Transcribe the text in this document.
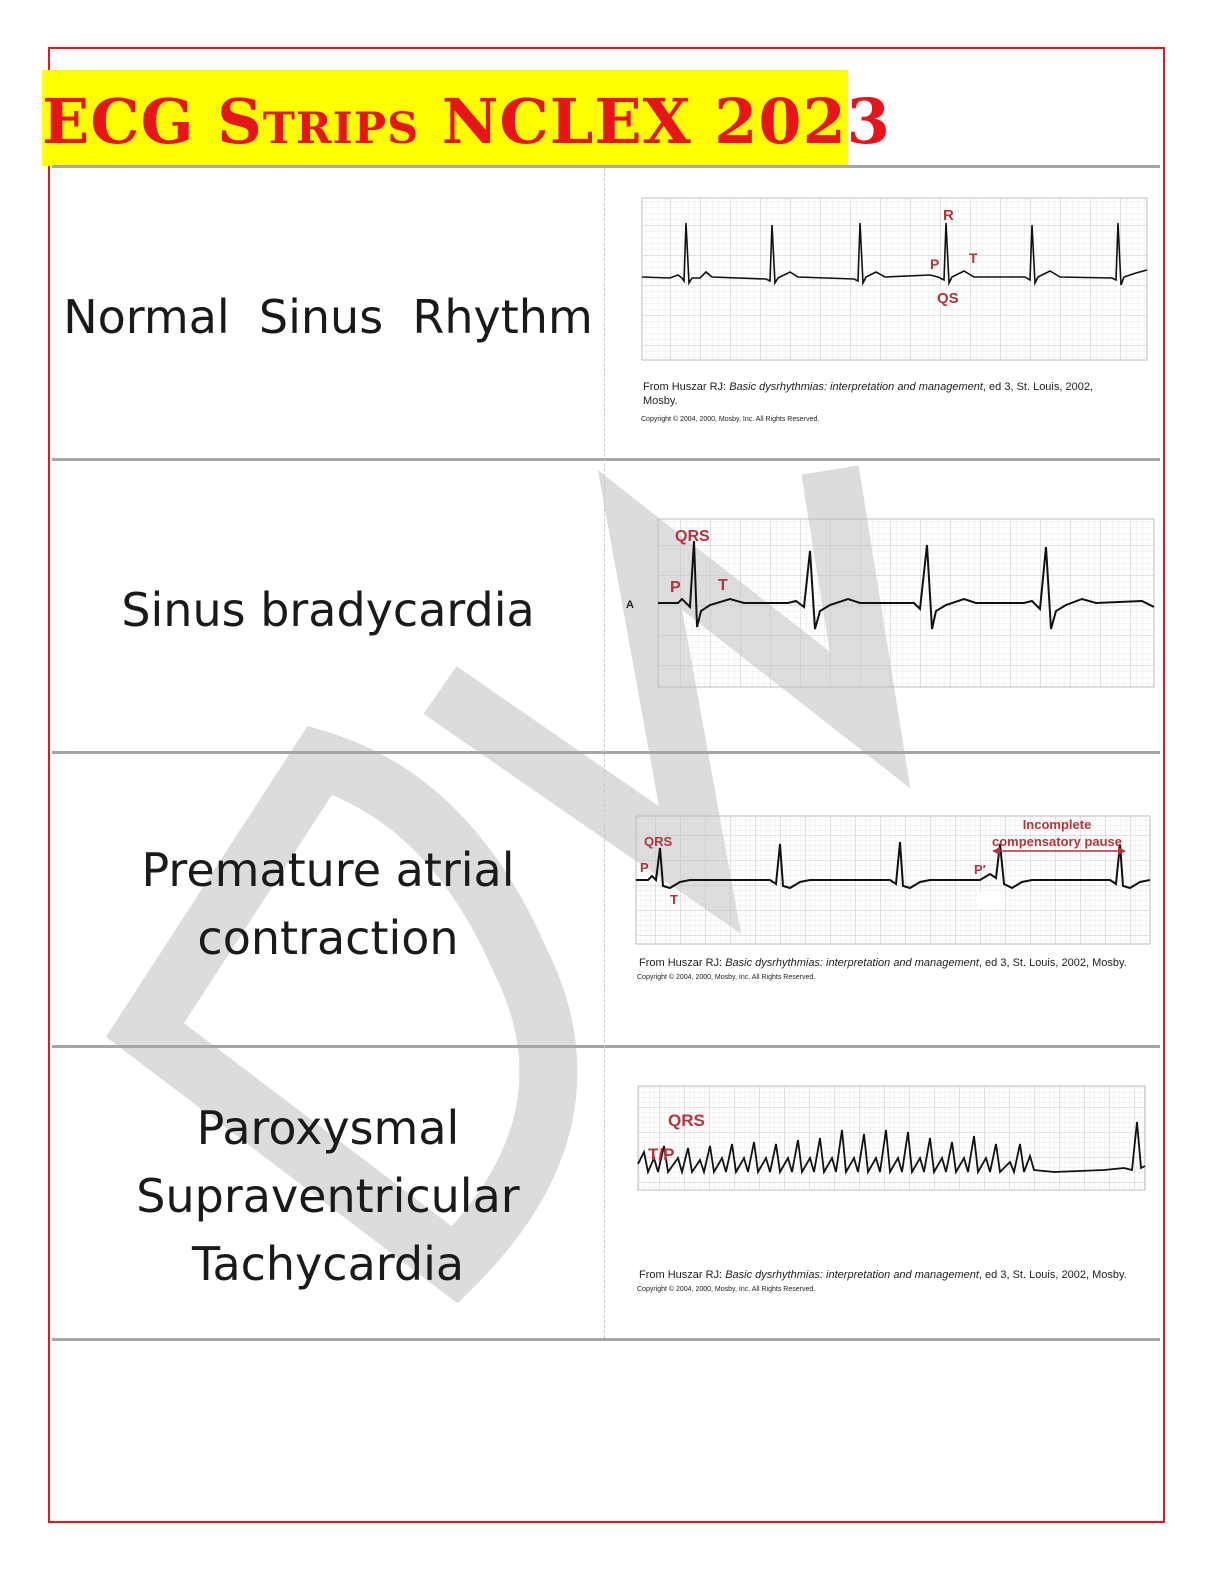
ECG Strips NCLEX 2023
Normal  Sinus  Rhythm
R
P T
QS
From Huszar RJ: Basic dysrhythmias: interpretation and management, ed 3, St. Louis, 2002,
Mosby.
Copyright © 2004, 2000, Mosby, Inc. All Rights Reserved.
Sinus bradycardia
QRS
P T
A
Premature atrial
contraction
QRS
P
T
P′
Incomplete
compensatory pause
From Huszar RJ: Basic dysrhythmias: interpretation and management, ed 3, St. Louis, 2002, Mosby.
Copyright © 2004, 2000, Mosby, Inc. All Rights Reserved.
Paroxysmal
Supraventricular
Tachycardia
QRS
T/P
From Huszar RJ: Basic dysrhythmias: interpretation and management, ed 3, St. Louis, 2002, Mosby.
Copyright © 2004, 2000, Mosby, Inc. All Rights Reserved.
